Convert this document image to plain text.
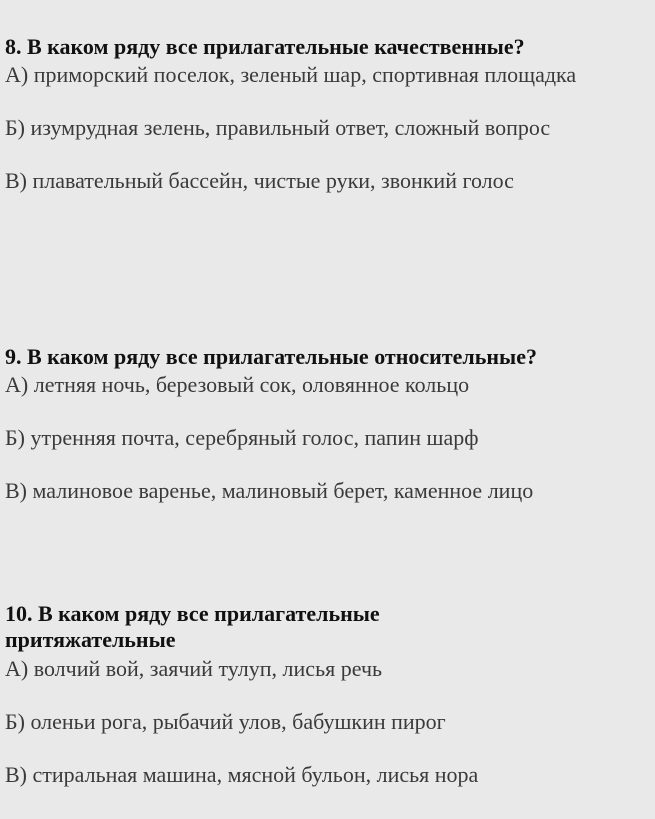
8. В каком ряду все прилагательные качественные?

А) приморский поселок, зеленый шар, спортивная площадка

Б) изумрудная зелень, правильный ответ, сложный вопрос

В) плавательный бассейн, чистые руки, звонкий голос

9. В каком ряду все прилагательные относительные?

А) летняя ночь, березовый сок, оловянное кольцо

Б) утренняя почта, серебряный голос, папин шарф

В) малиновое варенье, малиновый берет, каменное лицо

10. В каком ряду все прилагательные притяжательные

А) волчий вой, заячий тулуп, лисья речь

Б) оленьи рога, рыбачий улов, бабушкин пирог

В) стиральная машина, мясной бульон, лисья нора
